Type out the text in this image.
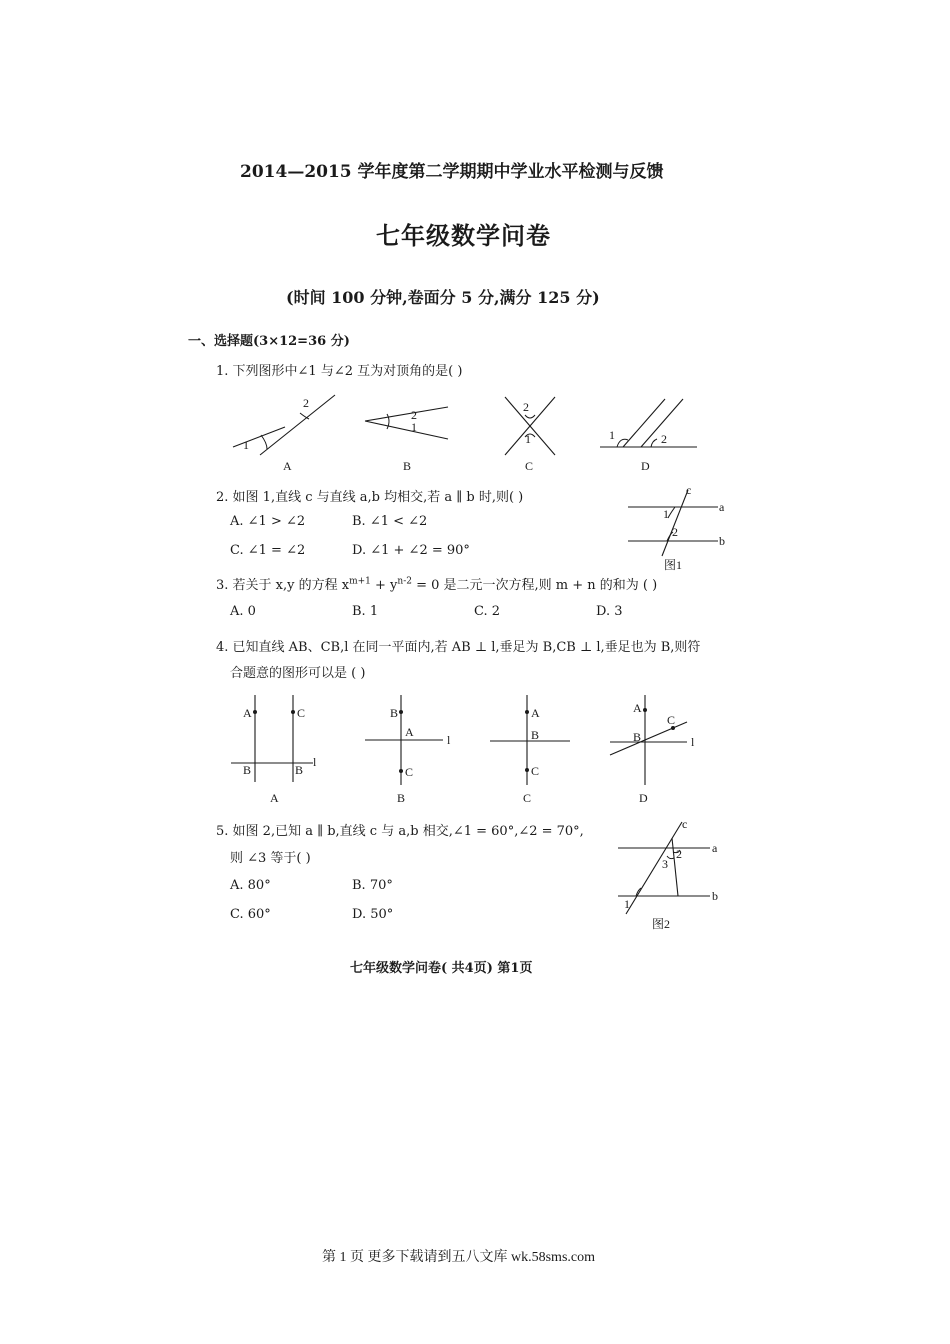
2014—2015 学年度第二学期期中学业水平检测与反馈
七年级数学问卷
(时间 100 分钟,卷面分 5 分,满分 125 分)
一、选择题(3×12=36 分)
1. 下列图形中∠1 与∠2 互为对顶角的是( )
1
2
A
2
1
B
2
1
C
1	2
D
2. 如图 1,直线 c 与直线 a,b 均相交,若 a ∥ b 时,则( )
A. ∠1 > ∠2	B. ∠1 < ∠2
C. ∠1 = ∠2	D. ∠1 + ∠2 = 90°
c
a
b
1
2
图1
3. 若关于 x,y 的方程 $x^{m+1} + y^{n-2} = 0$ 是二元一次方程,则 m + n 的和为 ( )
A. 0	B. 1	C. 2	D. 3
4. 已知直线 AB、CB,l 在同一平面内,若 AB ⊥ l,垂足为 B,CB ⊥ l,垂足也为 B,则符
合题意的图形可以是 ( )
A	C
B	B
l
A
B
A
C
l
B
A
B
C
C
A
C
B	l
D
5. 如图 2,已知 a ∥ b,直线 c 与 a,b 相交,∠1 = 60°,∠2 = 70°,
则 ∠3 等于( )
A. 80°	B. 70°
C. 60°	D. 50°
c
a
b
1
2
3
图2
七年级数学问卷( 共4页) 第1页
第 1 页 更多下载请到五八文库 wk.58sms.com
